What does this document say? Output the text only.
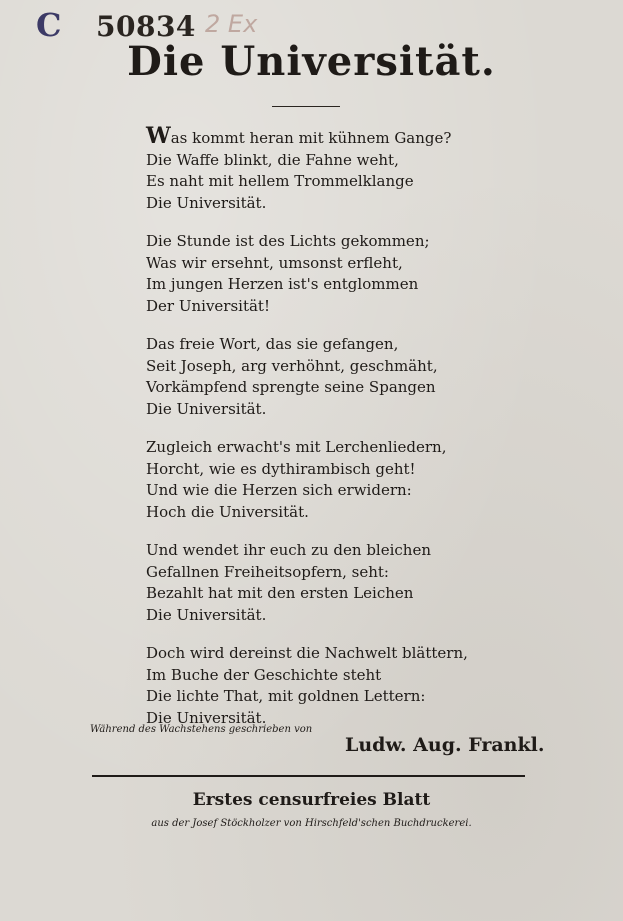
C 50834 2 Ex
Die Universität.
Was kommt heran mit kühnem Gange?
Die Waffe blinkt, die Fahne weht,
Es naht mit hellem Trommelklange
Die Universität.
Die Stunde ist des Lichts gekommen;
Was wir ersehnt, umsonst erfleht,
Im jungen Herzen ist's entglommen
Der Universität!
Das freie Wort, das sie gefangen,
Seit Joseph, arg verhöhnt, geschmäht,
Vorkämpfend sprengte seine Spangen
Die Universität.
Zugleich erwacht's mit Lerchenliedern,
Horcht, wie es dythirambisch geht!
Und wie die Herzen sich erwidern:
Hoch die Universität.
Und wendet ihr euch zu den bleichen
Gefallnen Freiheitsopfern, seht:
Bezahlt hat mit den ersten Leichen
Die Universität.
Doch wird dereinst die Nachwelt blättern,
Im Buche der Geschichte steht
Die lichte That, mit goldnen Lettern:
Die Universität.
Während des Wachstehens geschrieben von
Ludw. Aug. Frankl.
Erstes censurfreies Blatt
aus der Josef Stöckholzer von Hirschfeld'schen Buchdruckerei.
